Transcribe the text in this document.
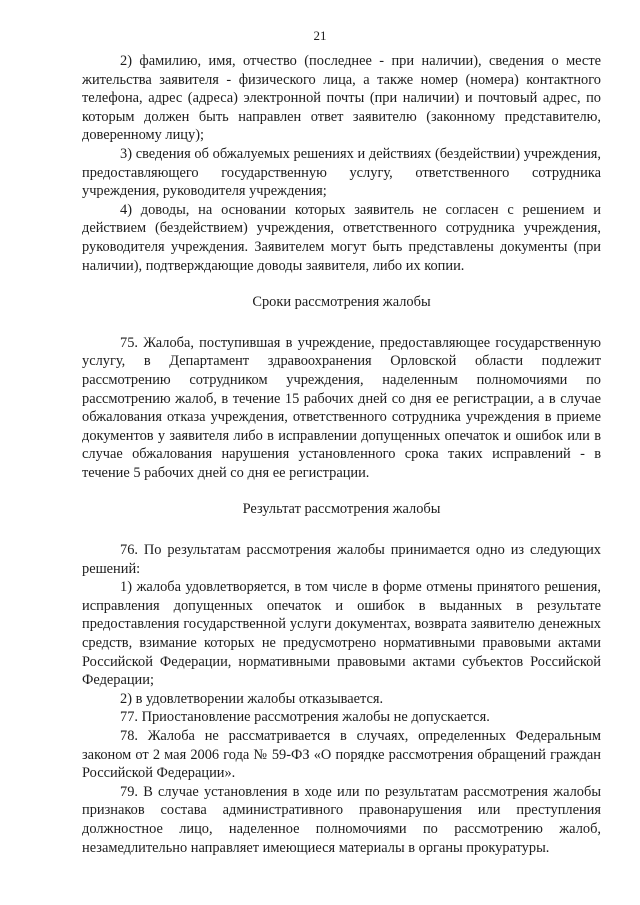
21

2) фамилию, имя, отчество (последнее - при наличии), сведения о месте жительства заявителя - физического лица, а также номер (номера) контактного телефона, адрес (адреса) электронной почты (при наличии) и почтовый адрес, по которым должен быть направлен ответ заявителю (законному представителю, доверенному лицу);

3) сведения об обжалуемых решениях и действиях (бездействии) учреждения, предоставляющего государственную услугу, ответственного сотрудника учреждения, руководителя учреждения;

4) доводы, на основании которых заявитель не согласен с решением и действием (бездействием) учреждения, ответственного сотрудника учреждения, руководителя учреждения. Заявителем могут быть представлены документы (при наличии), подтверждающие доводы заявителя, либо их копии.

Сроки рассмотрения жалобы

75. Жалоба, поступившая в учреждение, предоставляющее государственную услугу, в Департамент здравоохранения Орловской области подлежит рассмотрению сотрудником учреждения, наделенным полномочиями по рассмотрению жалоб, в течение 15 рабочих дней со дня ее регистрации, а в случае обжалования отказа учреждения, ответственного сотрудника учреждения в приеме документов у заявителя либо в исправлении допущенных опечаток и ошибок или в случае обжалования нарушения установленного срока таких исправлений - в течение 5 рабочих дней со дня ее регистрации.

Результат рассмотрения жалобы

76. По результатам рассмотрения жалобы принимается одно из следующих решений:

1) жалоба удовлетворяется, в том числе в форме отмены принятого решения, исправления допущенных опечаток и ошибок в выданных в результате предоставления государственной услуги документах, возврата заявителю денежных средств, взимание которых не предусмотрено нормативными правовыми актами Российской Федерации, нормативными правовыми актами субъектов Российской Федерации;

2) в удовлетворении жалобы отказывается.

77. Приостановление рассмотрения жалобы не допускается.

78. Жалоба не рассматривается в случаях, определенных Федеральным законом от 2 мая 2006 года № 59-ФЗ «О порядке рассмотрения обращений граждан Российской Федерации».

79. В случае установления в ходе или по результатам рассмотрения жалобы признаков состава административного правонарушения или преступления должностное лицо, наделенное полномочиями по рассмотрению жалоб, незамедлительно направляет имеющиеся материалы в органы прокуратуры.
